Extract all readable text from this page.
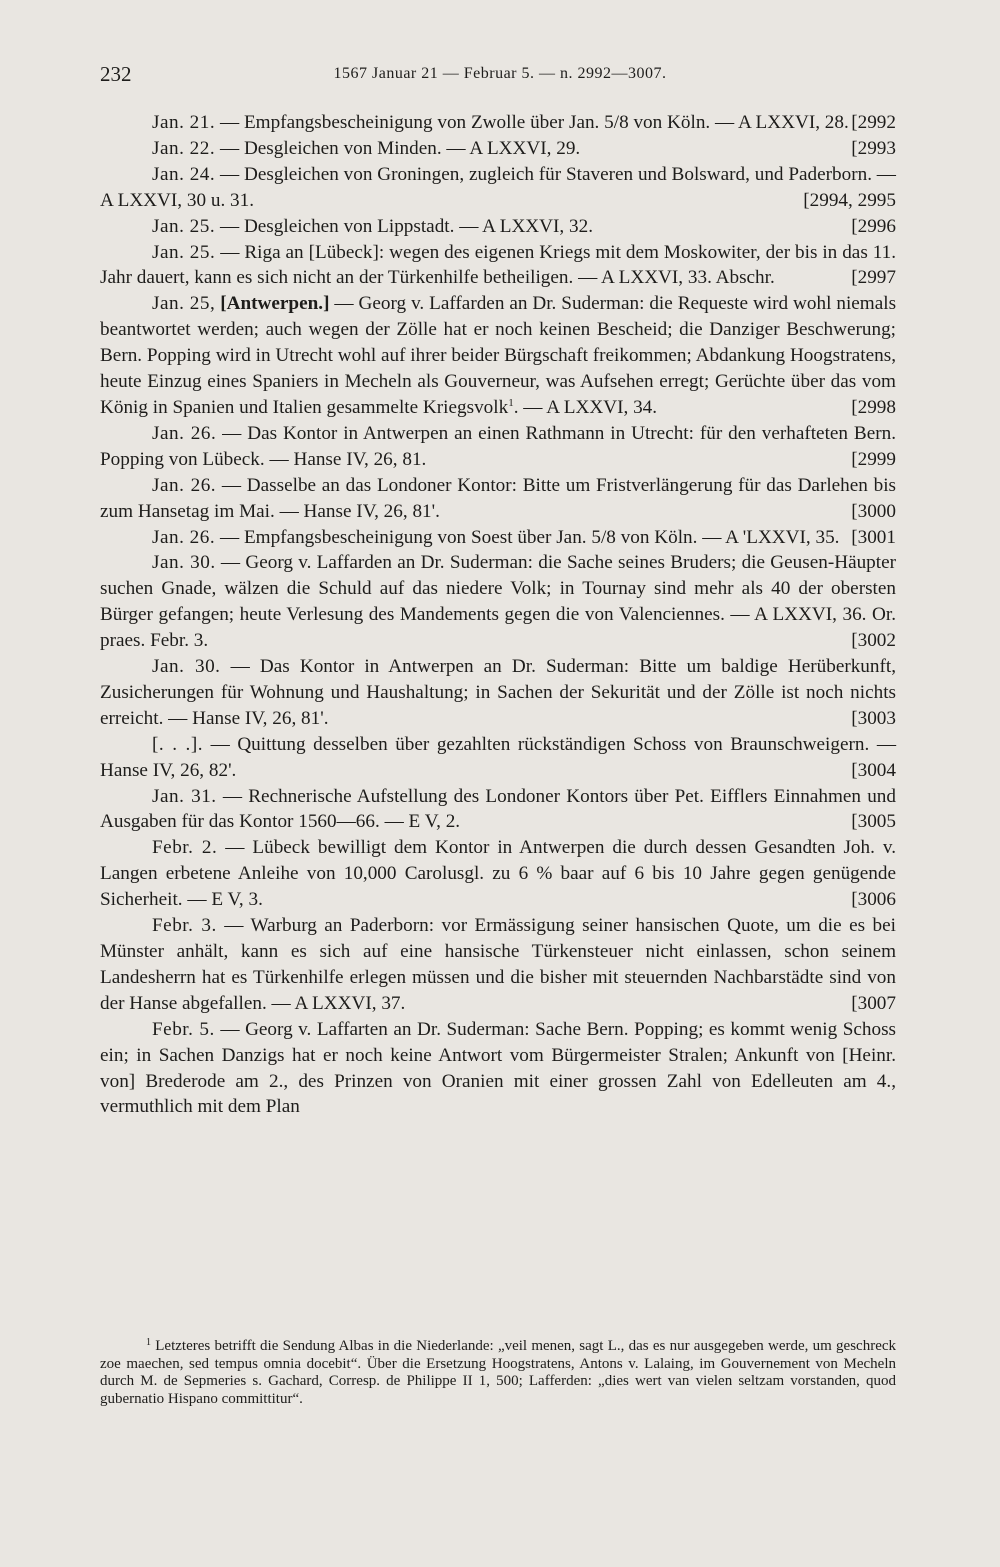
232	1567 Januar 21 — Februar 5. — n. 2992—3007.

Jan. 21. — Empfangsbescheinigung von Zwolle über Jan. 5/8 von Köln. — A LXXVI, 28. [2992

Jan. 22. — Desgleichen von Minden. — A LXXVI, 29.	[2993

Jan. 24. — Desgleichen von Groningen, zugleich für Staveren und Bolsward, und Paderborn. — A LXXVI, 30 u. 31.	[2994, 2995

Jan. 25. — Desgleichen von Lippstadt. — A LXXVI, 32.	[2996

Jan. 25. — Riga an [Lübeck]: wegen des eigenen Kriegs mit dem Moskowiter, der bis in das 11. Jahr dauert, kann es sich nicht an der Türkenhilfe betheiligen. — A LXXVI, 33. Abschr.	[2997

Jan. 25, [Antwerpen.] — Georg v. Laffarden an Dr. Suderman: die Requeste wird wohl niemals beantwortet werden; auch wegen der Zölle hat er noch keinen Bescheid; die Danziger Beschwerung; Bern. Popping wird in Utrecht wohl auf ihrer beider Bürgschaft freikommen; Abdankung Hoogstratens, heute Einzug eines Spaniers in Mecheln als Gouverneur, was Aufsehen erregt; Gerüchte über das vom König in Spanien und Italien gesammelte Kriegsvolk$^1$. — A LXXVI, 34.	[2998

Jan. 26. — Das Kontor in Antwerpen an einen Rathmann in Utrecht: für den verhafteten Bern. Popping von Lübeck. — Hanse IV, 26, 81.	[2999

Jan. 26. — Dasselbe an das Londoner Kontor: Bitte um Fristverlängerung für das Darlehen bis zum Hansetag im Mai. — Hanse IV, 26, 81'.	[3000

Jan. 26. — Empfangsbescheinigung von Soest über Jan. 5/8 von Köln. — A 'LXXVI, 35. [3001

Jan. 30. — Georg v. Laffarden an Dr. Suderman: die Sache seines Bruders; die Geusen-Häupter suchen Gnade, wälzen die Schuld auf das niedere Volk; in Tournay sind mehr als 40 der obersten Bürger gefangen; heute Verlesung des Mandements gegen die von Valenciennes. — A LXXVI, 36. Or. praes. Febr. 3.	[3002

Jan. 30. — Das Kontor in Antwerpen an Dr. Suderman: Bitte um baldige Herüberkunft, Zusicherungen für Wohnung und Haushaltung; in Sachen der Sekurität und der Zölle ist noch nichts erreicht. — Hanse IV, 26, 81'.	[3003

[. . .]. — Quittung desselben über gezahlten rückständigen Schoss von Braunschweigern. — Hanse IV, 26, 82'.	[3004

Jan. 31. — Rechnerische Aufstellung des Londoner Kontors über Pet. Eifflers Einnahmen und Ausgaben für das Kontor 1560—66. — E V, 2.	[3005

Febr. 2. — Lübeck bewilligt dem Kontor in Antwerpen die durch dessen Gesandten Joh. v. Langen erbetene Anleihe von 10,000 Carolusgl. zu 6 % baar auf 6 bis 10 Jahre gegen genügende Sicherheit. — E V, 3.	[3006

Febr. 3. — Warburg an Paderborn: vor Ermässigung seiner hansischen Quote, um die es bei Münster anhält, kann es sich auf eine hansische Türkensteuer nicht einlassen, schon seinem Landesherrn hat es Türkenhilfe erlegen müssen und die bisher mit steuernden Nachbarstädte sind von der Hanse abgefallen. — A LXXVI, 37.	[3007

Febr. 5. — Georg v. Laffarten an Dr. Suderman: Sache Bern. Popping; es kommt wenig Schoss ein; in Sachen Danzigs hat er noch keine Antwort vom Bürgermeister Stralen; Ankunft von [Heinr. von] Brederode am 2., des Prinzen von Oranien mit einer grossen Zahl von Edelleuten am 4., vermuthlich mit dem Plan

$^1$ Letzteres betrifft die Sendung Albas in die Niederlande: „veil menen, sagt L., das es nur ausgegeben werde, um geschreck zoe maechen, sed tempus omnia docebit“. Über die Ersetzung Hoogstratens, Antons v. Lalaing, im Gouvernement von Mecheln durch M. de Sepmeries s. Gachard, Corresp. de Philippe II 1, 500; Lafferden: „dies wert van vielen seltzam vorstanden, quod gubernatio Hispano committitur“.
